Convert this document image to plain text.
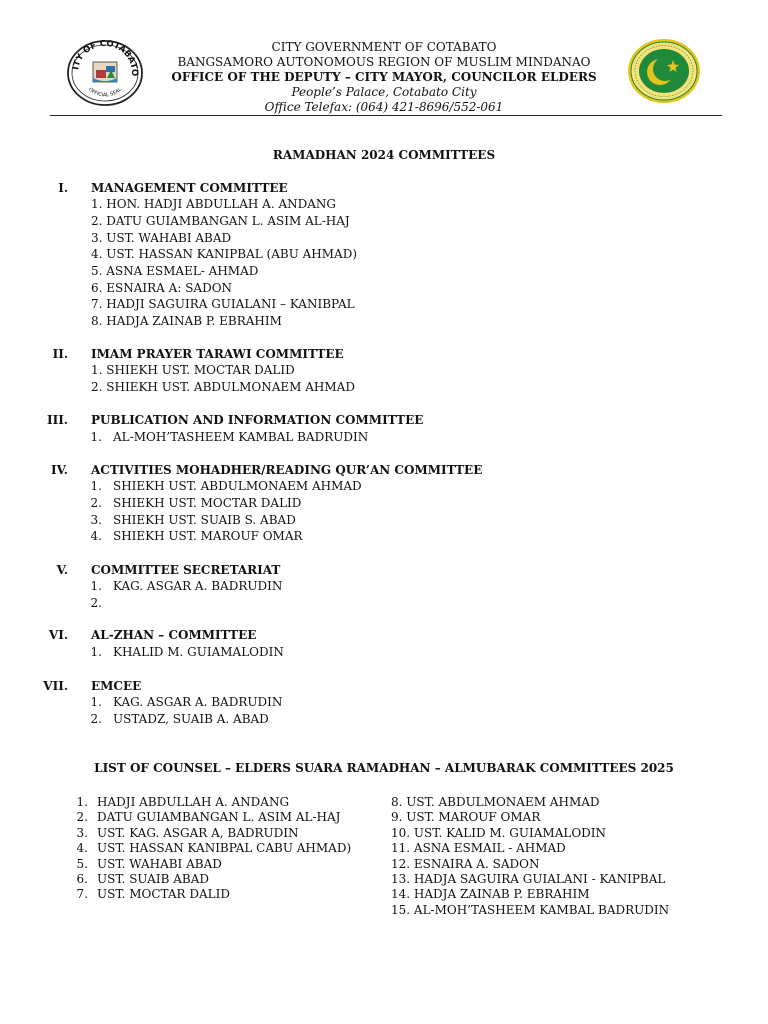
ITY OF COTABATO
OFFICIAL SEAL
CITY GOVERNMENT OF COTABATO
BANGSAMORO AUTONOMOUS REGION OF MUSLIM MINDANAO
OFFICE OF THE DEPUTY – CITY MAYOR, COUNCILOR ELDERS
People’s Palace, Cotabato City
Office Telefax: (064) 421-8696/552-061
RAMADHAN 2024 COMMITTEES
I. MANAGEMENT COMMITTEE
1. HON. HADJI ABDULLAH A. ANDANG
2. DATU GUIAMBANGAN L. ASIM AL-HAJ
3. UST. WAHABI ABAD
4. UST. HASSAN KANIPBAL (ABU AHMAD)
5. ASNA ESMAEL- AHMAD
6. ESNAIRA A: SADON
7. HADJI SAGUIRA GUIALANI – KANIBPAL
8. HADJA ZAINAB P. EBRAHIM
II. IMAM PRAYER TARAWI COMMITTEE
1. SHIEKH UST. MOCTAR DALID
2. SHIEKH UST. ABDULMONAEM AHMAD
III. PUBLICATION AND INFORMATION COMMITTEE
1. AL-MOH’TASHEEM KAMBAL BADRUDIN
IV. ACTIVITIES MOHADHER/READING QUR’AN COMMITTEE
1. SHIEKH UST. ABDULMONAEM AHMAD
2. SHIEKH UST. MOCTAR DALID
3. SHIEKH UST. SUAIB S. ABAD
4. SHIEKH UST. MAROUF OMAR
V. COMMITTEE SECRETARIAT
1. KAG. ASGAR A. BADRUDIN
2.
VI. AL-ZHAN – COMMITTEE
1. KHALID M. GUIAMALODIN
VII. EMCEE
1. KAG. ASGAR A. BADRUDIN
2. USTADZ, SUAIB A. ABAD
LIST OF COUNSEL – ELDERS SUARA RAMADHAN – ALMUBARAK COMMITTEES 2025
1. HADJI ABDULLAH A. ANDANG
2. DATU GUIAMBANGAN L. ASIM AL-HAJ
3. UST. KAG. ASGAR A, BADRUDIN
4. UST. HASSAN KANIBPAL CABU AHMAD)
5. UST. WAHABI ABAD
6. UST. SUAIB ABAD
7. UST. MOCTAR DALID
8. UST. ABDULMONAEM AHMAD
9. UST. MAROUF OMAR
10. UST. KALID M. GUIAMALODIN
11. ASNA ESMAIL - AHMAD
12. ESNAIRA A. SADON
13. HADJA SAGUIRA GUIALANI - KANIPBAL
14. HADJA ZAINAB P. EBRAHIM
15. AL-MOH’TASHEEM KAMBAL BADRUDIN
